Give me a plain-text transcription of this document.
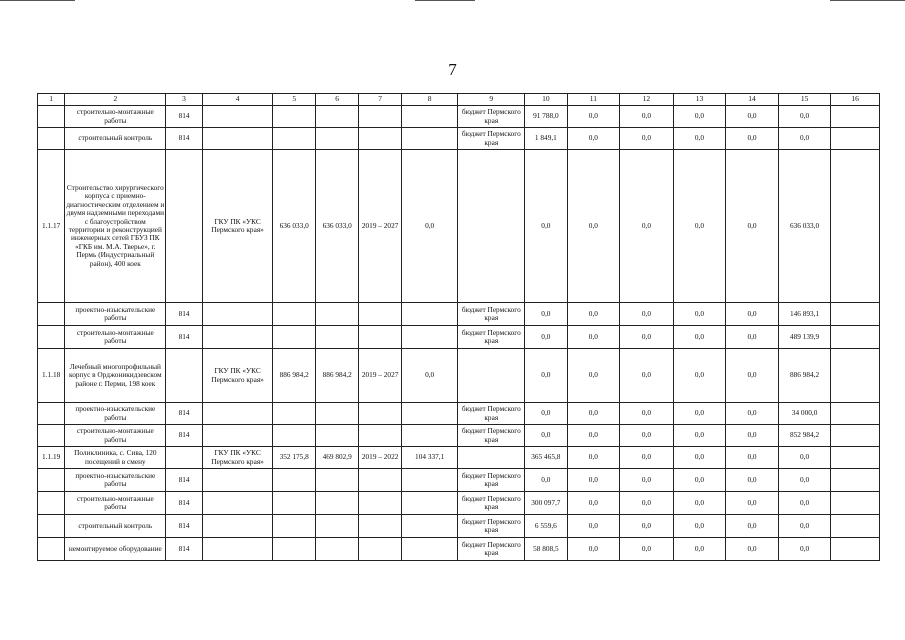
7
1	2	3	4	5	6	7	8	9	10	11	12	13	14	15	16
	строительно-монтажные работы	814						бюджет Пермского края	91 788,0	0,0	0,0	0,0	0,0	0,0	
	строительный контроль	814						бюджет Пермского края	1 849,1	0,0	0,0	0,0	0,0	0,0	
1.1.17	Строительство хирургического корпуса с приемно-диагностическим отделением и двумя надземными переходами с благоустройством территории и реконструкцией инженерных сетей ГБУЗ ПК «ГКБ им. М.А. Тверье», г. Пермь (Индустриальный район), 400 коек		ГКУ ПК «УКС Пермского края»	636 033,0	636 033,0	2019 – 2027	0,0		0,0	0,0	0,0	0,0	0,0	636 033,0	
	проектно-изыскательские работы	814						бюджет Пермского края	0,0	0,0	0,0	0,0	0,0	146 893,1	
	строительно-монтажные работы	814						бюджет Пермского края	0,0	0,0	0,0	0,0	0,0	489 139,9	
1.1.18	Лечебный многопрофильный корпус в Орджоникидзевском районе г. Перми, 198 коек		ГКУ ПК «УКС Пермского края»	886 984,2	886 984,2	2019 – 2027	0,0		0,0	0,0	0,0	0,0	0,0	886 984,2	
	проектно-изыскательские работы	814						бюджет Пермского края	0,0	0,0	0,0	0,0	0,0	34 000,0	
	строительно-монтажные работы	814						бюджет Пермского края	0,0	0,0	0,0	0,0	0,0	852 984,2	
1.1.19	Поликлиника, с. Сива, 120 посещений в смену		ГКУ ПК «УКС Пермского края»	352 175,8	469 802,9	2019 – 2022	104 337,1		365 465,8	0,0	0,0	0,0	0,0	0,0	
	проектно-изыскательские работы	814						бюджет Пермского края	0,0	0,0	0,0	0,0	0,0	0,0	
	строительно-монтажные работы	814						бюджет Пермского края	300 097,7	0,0	0,0	0,0	0,0	0,0	
	строительный контроль	814						бюджет Пермского края	6 559,6	0,0	0,0	0,0	0,0	0,0	
	немонтируемое оборудование	814						бюджет Пермского края	58 808,5	0,0	0,0	0,0	0,0	0,0	
